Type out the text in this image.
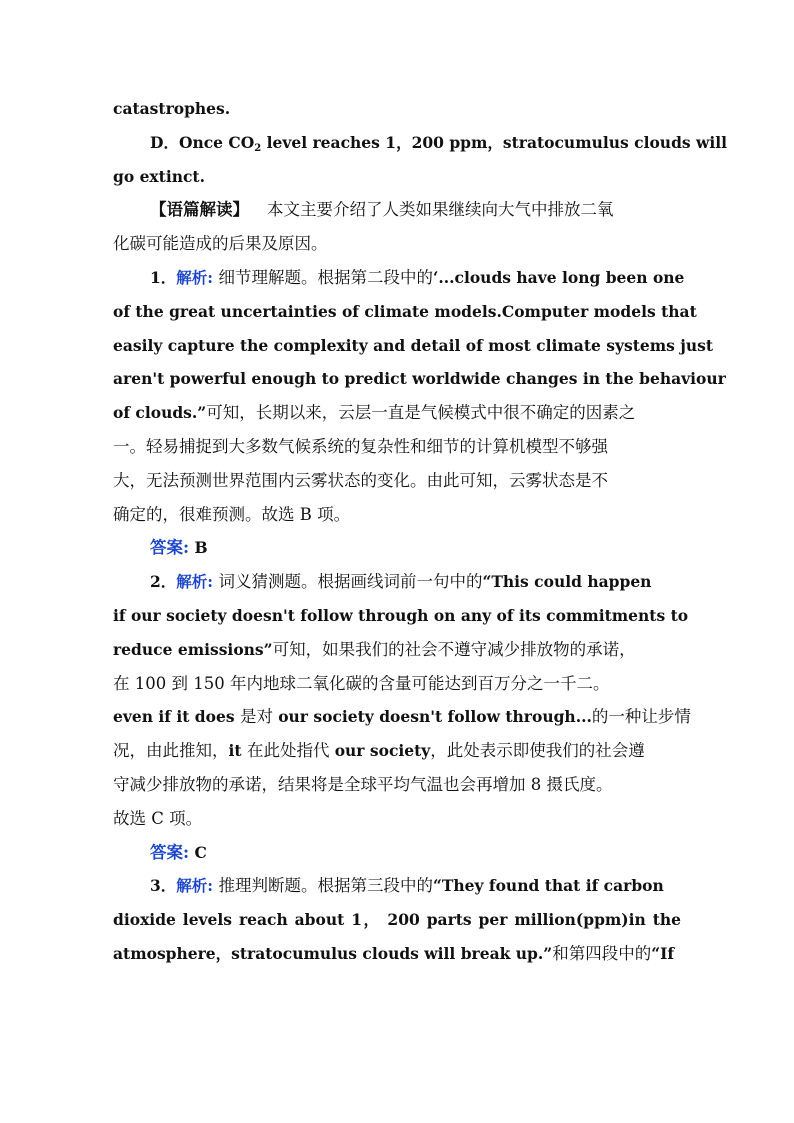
catastrophes.
D．Once $CO_2$ level reaches 1，200 ppm，stratocumulus clouds will
go extinct.
【语篇解读】 本文主要介绍了人类如果继续向大气中排放二氧
化碳可能造成的后果及原因。
1．解析: 细节理解题。根据第二段中的‘...clouds have long been one
of the great uncertainties of climate models.Computer models that
easily capture the complexity and detail of most climate systems just
aren't powerful enough to predict worldwide changes in the behaviour
of clouds.”可知，长期以来，云层一直是气候模式中很不确定的因素之
一。轻易捕捉到大多数气候系统的复杂性和细节的计算机模型不够强
大，无法预测世界范围内云雾状态的变化。由此可知，云雾状态是不
确定的，很难预测。故选 B 项。
答案: B
2．解析: 词义猜测题。根据画线词前一句中的“This could happen
if our society doesn't follow through on any of its commitments to
reduce emissions”可知，如果我们的社会不遵守减少排放物的承诺，
在 100 到 150 年内地球二氧化碳的含量可能达到百万分之一千二。
even if it does 是对 our society doesn't follow through...的一种让步情
况，由此推知，it 在此处指代 our society，此处表示即使我们的社会遵
守减少排放物的承诺，结果将是全球平均气温也会再增加 8 摄氏度。
故选 C 项。
答案: C
3．解析: 推理判断题。根据第三段中的“They found that if carbon
dioxide levels reach about 1， 200 parts per million(ppm)in the
atmosphere，stratocumulus clouds will break up.”和第四段中的“If
